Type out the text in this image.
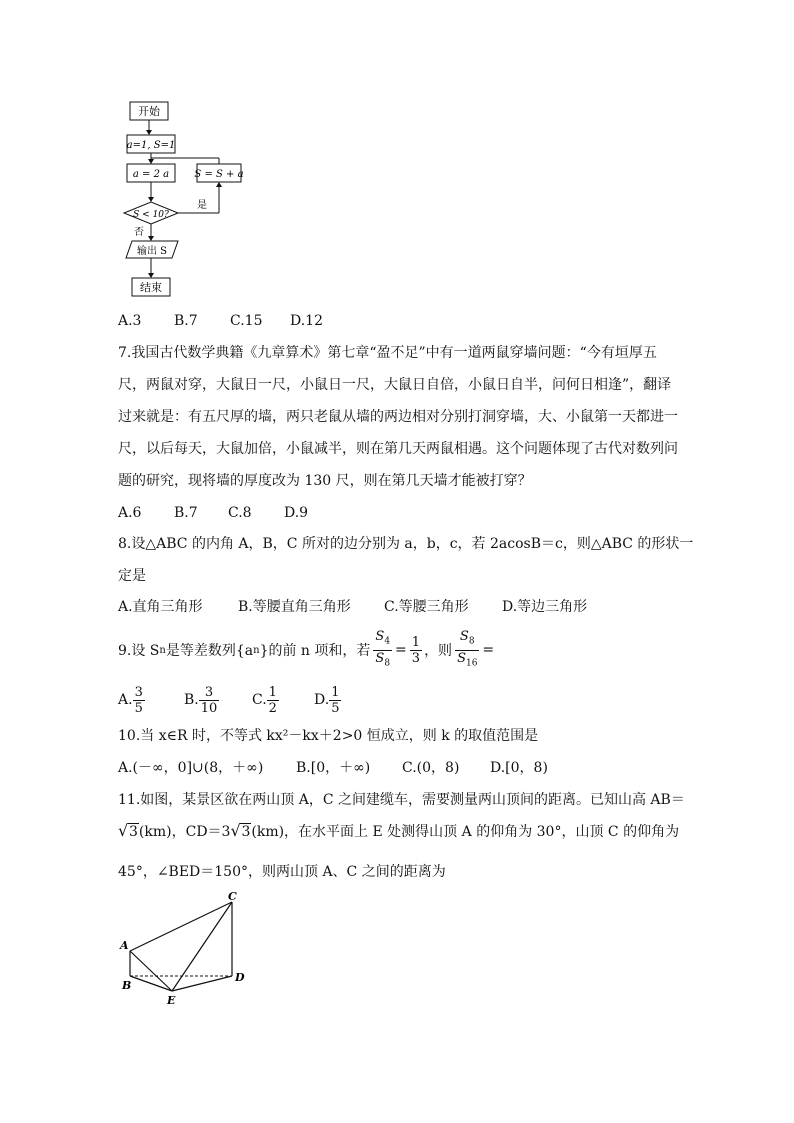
开始
a=1, S=1
a = 2 a	S = S + a
S < 10?
是
否
输出 S
结束
A.3 B.7 C.15 D.12
7.我国古代数学典籍《九章算术》第七章“盈不足”中有一道两鼠穿墙问题：“今有垣厚五
尺，两鼠对穿，大鼠日一尺，小鼠日一尺，大鼠日自倍，小鼠日自半，问何日相逢”，翻译
过来就是：有五尺厚的墙，两只老鼠从墙的两边相对分别打洞穿墙，大、小鼠第一天都进一
尺，以后每天，大鼠加倍，小鼠减半，则在第几天两鼠相遇。这个问题体现了古代对数列问
题的研究，现将墙的厚度改为 130 尺，则在第几天墙才能被打穿？
A.6 B.7 C.8 D.9
8.设△ABC 的内角 A，B，C 所对的边分别为 a，b，c，若 2acosB＝c，则△ABC 的形状一
定是
A.直角三角形	B.等腰直角三角形 C.等腰三角形 D.等边三角形
9.设 S n 是等差数列{a n }的前 n 项和，若 $\frac{S_4}{S_8} = \frac{1}{3}$ ，则 $\frac{S_8}{S_{16}}$ =
A. $\frac{3}{5}$	B. $\frac{3}{10} C$. $\frac{1}{2}$	D. $\frac{1}{5}$
10.当 x∈R 时，不等式 kx²－kx＋2>0 恒成立，则 k 的取值范围是
A.(－∞，0]∪(8，＋∞) B.[0，＋∞) C.(0，8) D.[0，8)
11.如图，某景区欲在两山顶 A，C 之间建缆车，需要测量两山顶间的距离。已知山高 AB＝
√ 3(km)，CD＝3 √ 3(km)，在水平面上 E 处测得山顶 A 的仰角为 30°，山顶 C 的仰角为
45°，∠BED＝150°，则两山顶 A、C 之间的距离为
A
B
C
D
E
